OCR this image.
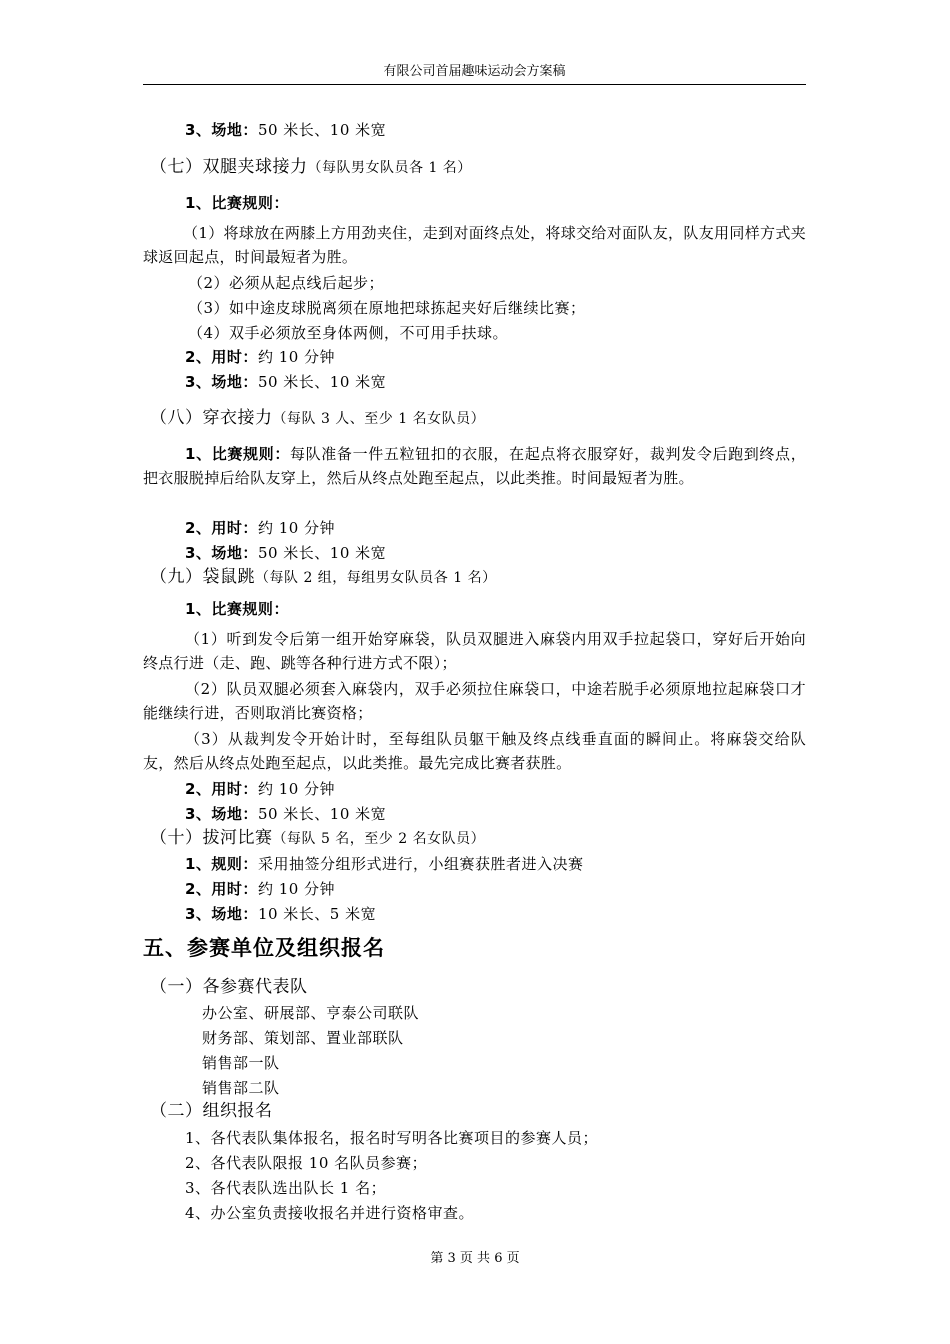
有限公司首届趣味运动会方案稿
3、场地：50 米长、10 米宽
（七）双腿夹球接力（每队男女队员各 1 名）
1、比赛规则：
（1）将球放在两膝上方用劲夹住，走到对面终点处，将球交给对面队友，队友用同样方式夹球返回起点，时间最短者为胜。
（2）必须从起点线后起步；
（3）如中途皮球脱离须在原地把球拣起夹好后继续比赛；
（4）双手必须放至身体两侧，不可用手扶球。
2、用时：约 10 分钟
3、场地：50 米长、10 米宽
（八）穿衣接力（每队 3 人、至少 1 名女队员）
1、比赛规则：每队准备一件五粒钮扣的衣服，在起点将衣服穿好，裁判发令后跑到终点，把衣服脱掉后给队友穿上，然后从终点处跑至起点，以此类推。时间最短者为胜。
2、用时：约 10 分钟
3、场地：50 米长、10 米宽
（九）袋鼠跳（每队 2 组，每组男女队员各 1 名）
1、比赛规则：
（1）听到发令后第一组开始穿麻袋，队员双腿进入麻袋内用双手拉起袋口，穿好后开始向终点行进（走、跑、跳等各种行进方式不限）；
（2）队员双腿必须套入麻袋内，双手必须拉住麻袋口，中途若脱手必须原地拉起麻袋口才能继续行进，否则取消比赛资格；
（3）从裁判发令开始计时，至每组队员躯干触及终点线垂直面的瞬间止。将麻袋交给队友，然后从终点处跑至起点，以此类推。最先完成比赛者获胜。
2、用时：约 10 分钟
3、场地：50 米长、10 米宽
（十）拔河比赛（每队 5 名，至少 2 名女队员）
1、规则：采用抽签分组形式进行，小组赛获胜者进入决赛
2、用时：约 10 分钟
3、场地：10 米长、5 米宽
五、参赛单位及组织报名
（一）各参赛代表队
办公室、研展部、亨泰公司联队
财务部、策划部、置业部联队
销售部一队
销售部二队
（二）组织报名
1、各代表队集体报名，报名时写明各比赛项目的参赛人员；
2、各代表队限报 10 名队员参赛；
3、各代表队选出队长 1 名；
4、办公室负责接收报名并进行资格审查。
第 3 页 共 6 页
